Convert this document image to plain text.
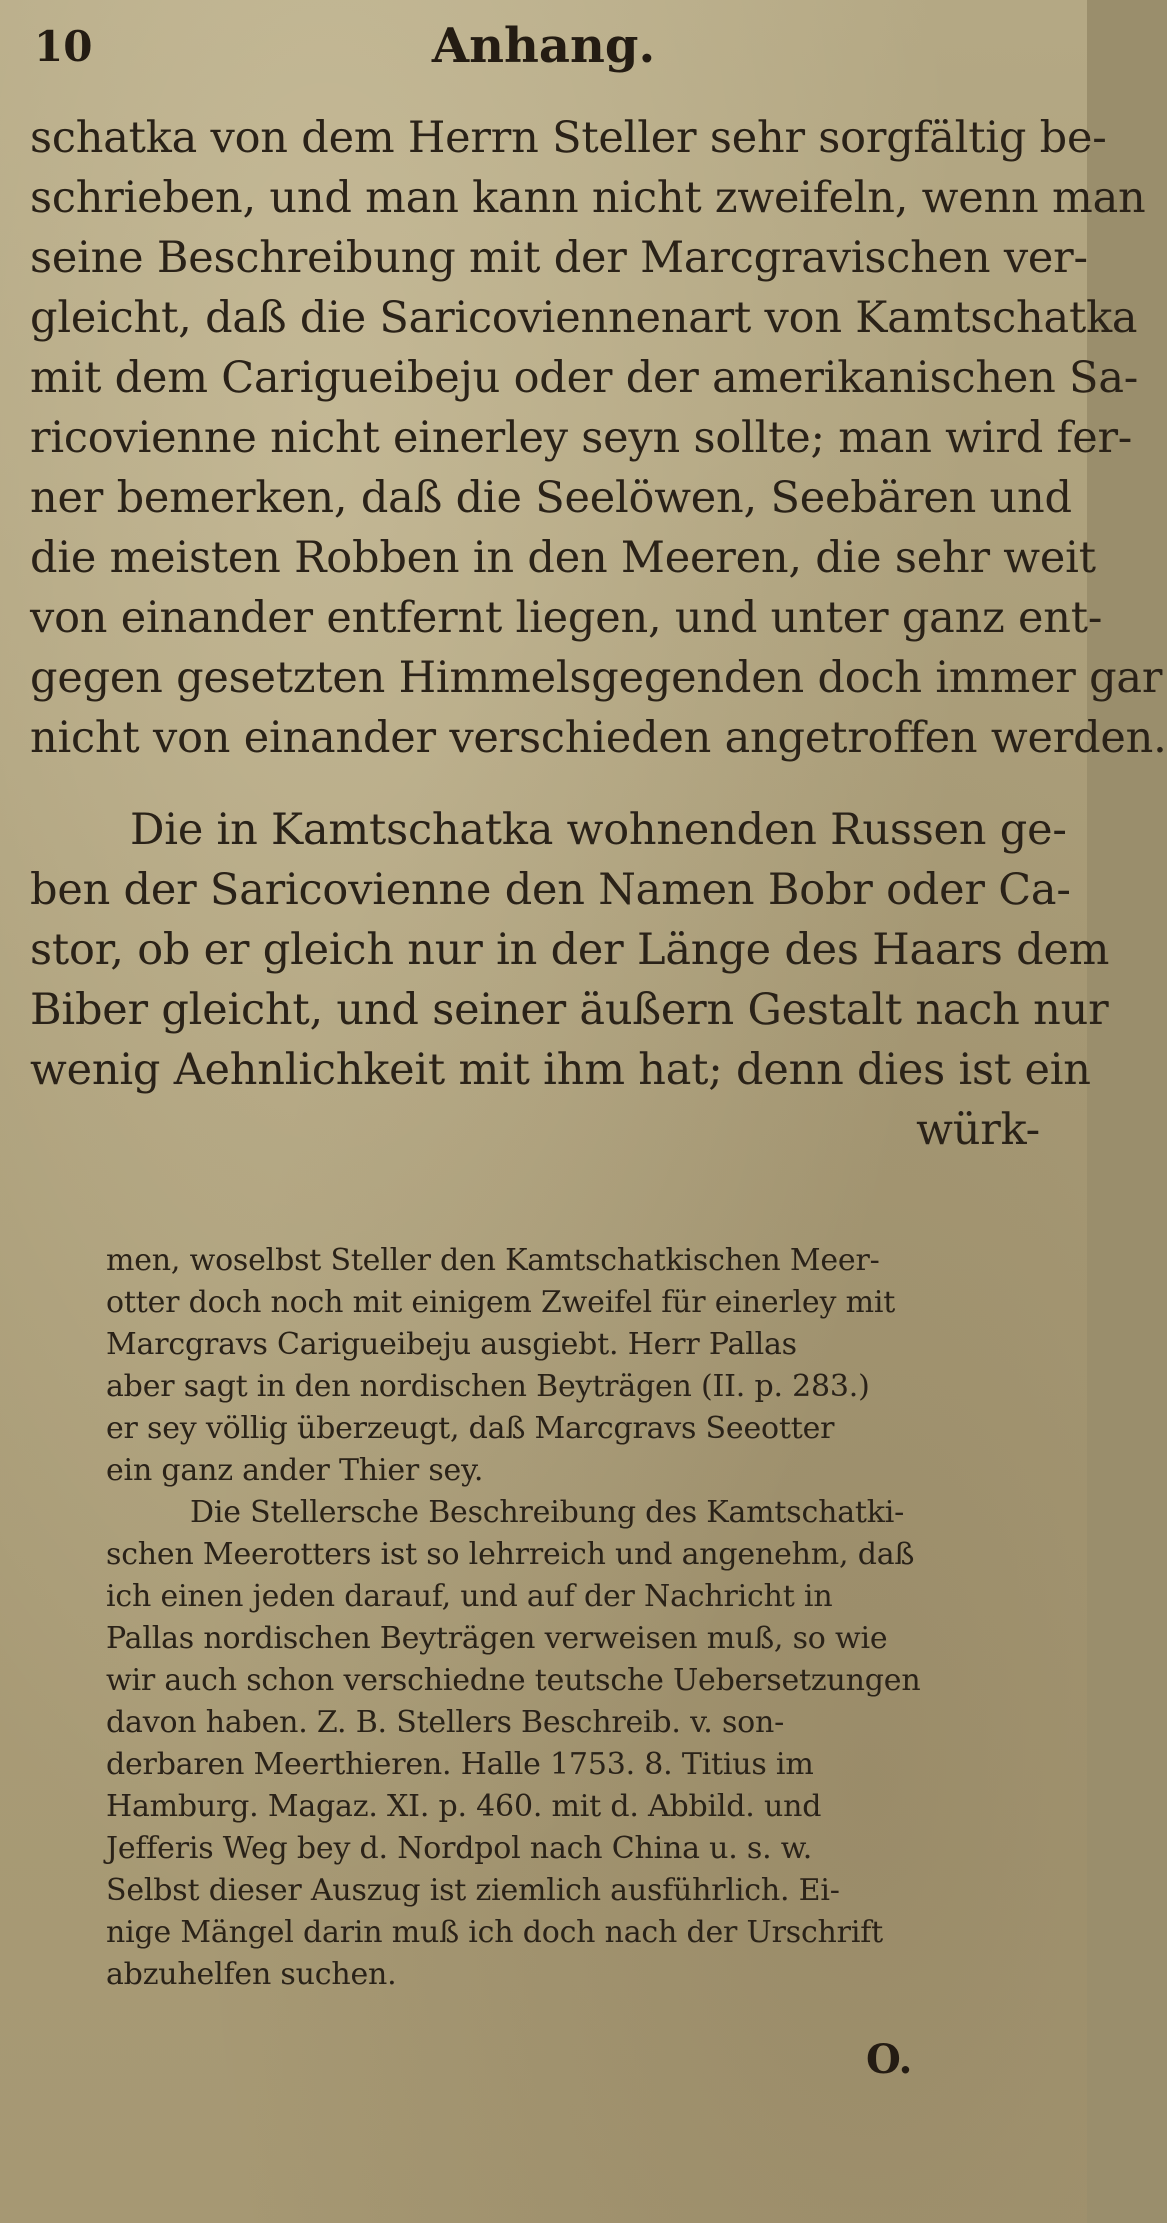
10	Anhang.
schatka von dem Herrn Steller sehr sorgfältig be-
schrieben, und man kann nicht zweifeln, wenn man
seine Beschreibung mit der Marcgravischen ver-
gleicht, daß die Saricoviennenart von Kamtschatka
mit dem Carigueibeju oder der amerikanischen Sa-
ricovienne nicht einerley seyn sollte; man wird fer-
ner bemerken, daß die Seelöwen, Seebären und
die meisten Robben in den Meeren, die sehr weit
von einander entfernt liegen, und unter ganz ent-
gegen gesetzten Himmelsgegenden doch immer gar
nicht von einander verschieden angetroffen werden.
Die in Kamtschatka wohnenden Russen ge-
ben der Saricovienne den Namen Bobr oder Ca-
stor, ob er gleich nur in der Länge des Haars dem
Biber gleicht, und seiner äußern Gestalt nach nur
wenig Aehnlichkeit mit ihm hat; denn dies ist ein
würk-
men, woselbst Steller den Kamtschatkischen Meer-
otter doch noch mit einigem Zweifel für einerley mit
Marcgravs Carigueibeju ausgiebt. Herr Pallas
aber sagt in den nordischen Beyträgen (II. p. 283.)
er sey völlig überzeugt, daß Marcgravs Seeotter
ein ganz ander Thier sey.
Die Stellersche Beschreibung des Kamtschatki-
schen Meerotters ist so lehrreich und angenehm, daß
ich einen jeden darauf, und auf der Nachricht in
Pallas nordischen Beyträgen verweisen muß, so wie
wir auch schon verschiedne teutsche Uebersetzungen
davon haben. Z. B. Stellers Beschreib. v. son-
derbaren Meerthieren. Halle 1753. 8. Titius im
Hamburg. Magaz. XI. p. 460. mit d. Abbild. und
Jefferis Weg bey d. Nordpol nach China u. s. w.
Selbst dieser Auszug ist ziemlich ausführlich. Ei-
nige Mängel darin muß ich doch nach der Urschrift
abzuhelfen suchen.
O.
